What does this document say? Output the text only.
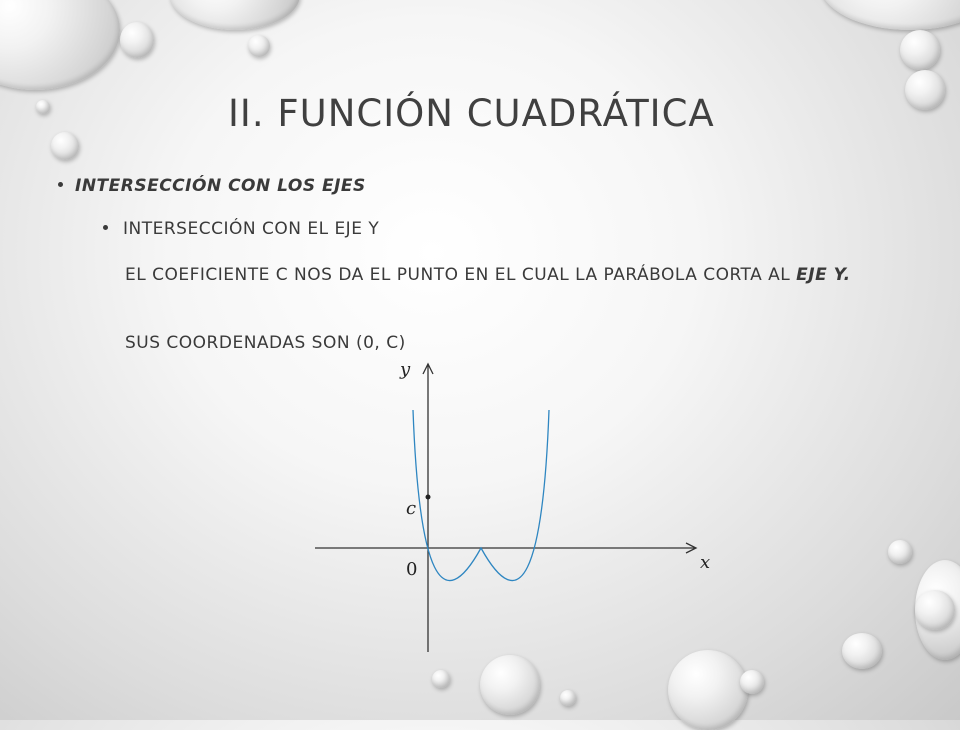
II. FUNCIÓN CUADRÁTICA
INTERSECCIÓN CON LOS EJES
INTERSECCIÓN CON EL EJE Y
EL COEFICIENTE C NOS DA EL PUNTO EN EL CUAL LA PARÁBOLA CORTA AL EJE Y.
SUS COORDENADAS SON (0, C)
y
x
c
0
